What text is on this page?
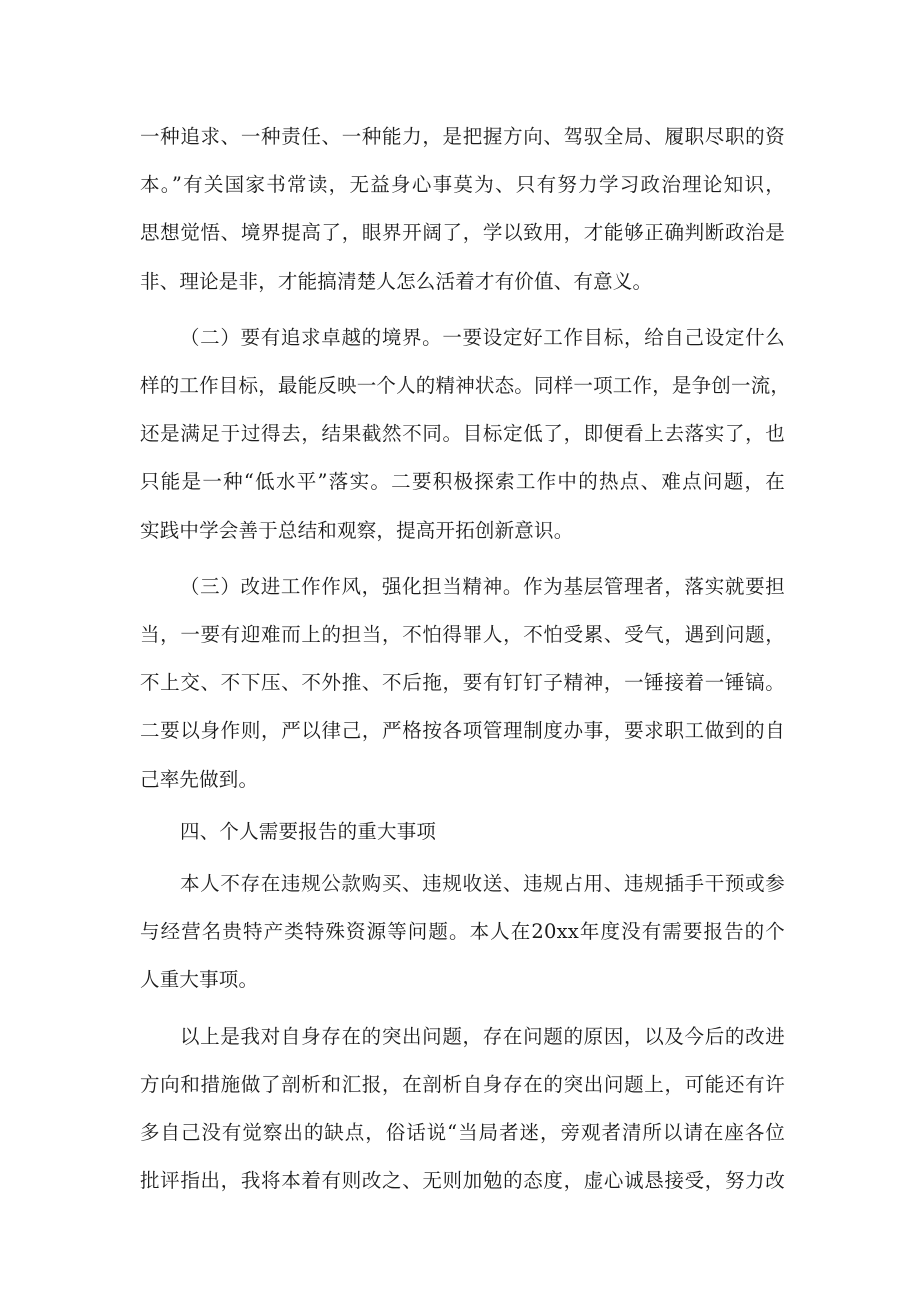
一种追求、一种责任、一种能力，是把握方向、驾驭全局、履职尽职的资
本。”有关国家书常读，无益身心事莫为、只有努力学习政治理论知识，
思想觉悟、境界提高了，眼界开阔了，学以致用，才能够正确判断政治是
非、理论是非，才能搞清楚人怎么活着才有价值、有意义。

（二）要有追求卓越的境界。一要设定好工作目标，给自己设定什么
样的工作目标，最能反映一个人的精神状态。同样一项工作，是争创一流，
还是满足于过得去，结果截然不同。目标定低了，即便看上去落实了，也
只能是一种“低水平”落实。二要积极探索工作中的热点、难点问题，在
实践中学会善于总结和观察，提高开拓创新意识。

（三）改进工作作风，强化担当精神。作为基层管理者，落实就要担
当，一要有迎难而上的担当，不怕得罪人，不怕受累、受气，遇到问题，
不上交、不下压、不外推、不后拖，要有钉钉子精神，一锤接着一锤镐。
二要以身作则，严以律己，严格按各项管理制度办事，要求职工做到的自
己率先做到。

四、个人需要报告的重大事项

本人不存在违规公款购买、违规收送、违规占用、违规插手干预或参
与经营名贵特产类特殊资源等问题。本人在20xx年度没有需要报告的个
人重大事项。

以上是我对自身存在的突出问题，存在问题的原因，以及今后的改进
方向和措施做了剖析和汇报，在剖析自身存在的突出问题上，可能还有许
多自己没有觉察出的缺点，俗话说“当局者迷，旁观者清所以请在座各位
批评指出，我将本着有则改之、无则加勉的态度，虚心诚恳接受，努力改
